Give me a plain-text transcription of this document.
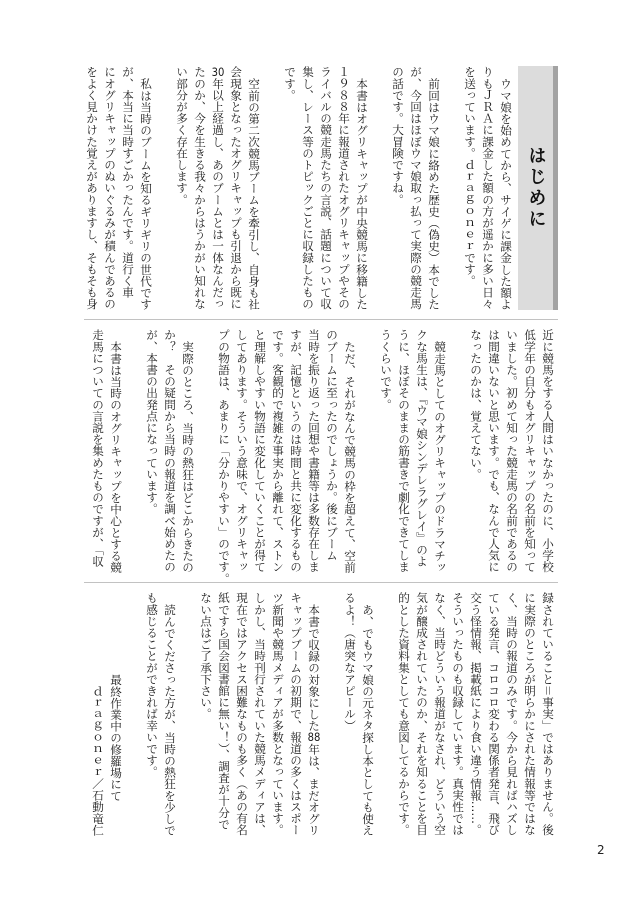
はじめに
ウマ娘を始めてから、サイゲに課金した額よ
りもＪＲＡに課金した額の方が遥かに多い日々
を送っています。ｄｒａｇｏｎｅｒです。
前回はウマ娘に絡めた歴史（偽史）本でした
が、今回はほぼウマ娘取っ払って実際の競走馬
の話です。大冒険ですね。
本書はオグリキャップが中央競馬に移籍した
１９８８年に報道されたオグリキャップやその
ライバルの競走馬たちの言説、話題について収
集し、レース等のトピックごとに収録したもの
です。
空前の第二次競馬ブームを牽引し、自身も社
会現象となったオグリキャップも引退から既に
30年以上経過し、あのブームとは一体なんだっ
たのか、今を生きる我々からはうかがい知れな
い部分が多く存在します。
私は当時のブームを知るギリギリの世代です
が、本当に当時すごかったんです。道行く車
にオグリキャップのぬいぐるみが積んであるの
をよく見かけた覚えがありますし、そもそも身
近に競馬をする人間はいなかったのに、小学校
低学年の自分もオグリキャップの名前を知って
いました。初めて知った競走馬の名前であるの
は間違いないと思います。でも、なんで人気に
なったのかは、覚えてない。
競走馬としてのオグリキャップのドラマチッ
クな馬生は、『ウマ娘シンデレラグレイ』のよ
うに、ほぼそのままの筋書きで劇化できてしま
うくらいです。
ただ、それがなんで競馬の枠を超えて、空前
のブームに至ったのでしょうか。後にブーム
当時を振り返った回想や書籍等は多数存在しま
すが、記憶というのは時間と共に変化するもの
です。客観的で複雑な事実から離れて、ストン
と理解しやすい物語に変化していくことが得て
してあります。そういう意味で、オグリキャッ
プの物語は、あまりに「分かりやすい」のです。
実際のところ、当時の熱狂はどこからきたの
か？　その疑問から当時の報道を調べ始めたの
が、本書の出発点になっています。
本書は当時のオグリキャップを中心とする競
走馬についての言説を集めたものですが、「収
録されていること＝事実」ではありません。後
に実際のところが明らかにされた情報等ではな
く、当時の報道のみです。今から見ればハズし
ている発言、コロコロ変わる関係者発言、飛び
交う怪情報、掲載紙により食い違う情報……。
そういったものも収録しています。真実性では
なく、当時どういう報道がなされ、どういう空
気が醸成されていたのか、それを知ることを目
的とした資料集としても意図してるからです。
あ、でもウマ娘の元ネタ探し本としても使え
るよ！（唐突なアピール）
本書で収録の対象にした88年は、まだオグリ
キャップブームの初期で、報道の多くはスポー
ツ新聞や競馬メディアが多数となっています。
しかし、当時刊行されていた競馬メディアは、
現在ではアクセス困難なものも多く（あの有名
紙ですら国会図書館に無い！）、調査が十分で
ない点はご了承下さい。
読んでくださった方が、当時の熱狂を少しで
も感じることができれば幸いです。
最終作業中の修羅場にて
ｄｒａｇｏｎｅｒ／石動竜仁
2
